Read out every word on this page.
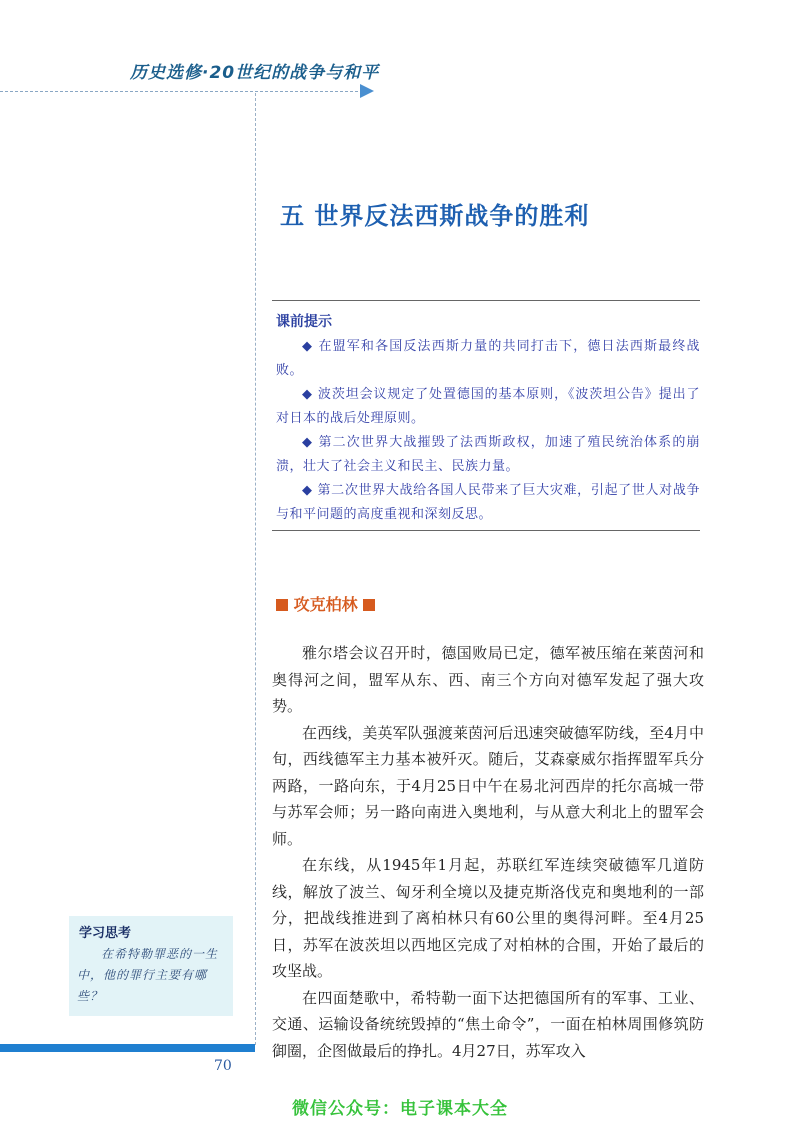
历史选修·20世纪的战争与和平
五 世界反法西斯战争的胜利
课前提示
◆ 在盟军和各国反法西斯力量的共同打击下，德日法西斯最终战败。
◆ 波茨坦会议规定了处置德国的基本原则，《波茨坦公告》提出了对日本的战后处理原则。
◆ 第二次世界大战摧毁了法西斯政权，加速了殖民统治体系的崩溃，壮大了社会主义和民主、民族力量。
◆ 第二次世界大战给各国人民带来了巨大灾难，引起了世人对战争与和平问题的高度重视和深刻反思。
攻克柏林

雅尔塔会议召开时，德国败局已定，德军被压缩在莱茵河和奥得河之间，盟军从东、西、南三个方向对德军发起了强大攻势。

在西线，美英军队强渡莱茵河后迅速突破德军防线，至4月中旬，西线德军主力基本被歼灭。随后，艾森豪威尔指挥盟军兵分两路，一路向东，于4月25日中午在易北河西岸的托尔高城一带与苏军会师；另一路向南进入奥地利，与从意大利北上的盟军会师。

在东线，从1945年1月起，苏联红军连续突破德军几道防线，解放了波兰、匈牙利全境以及捷克斯洛伐克和奥地利的一部分，把战线推进到了离柏林只有60公里的奥得河畔。至4月25日，苏军在波茨坦以西地区完成了对柏林的合围，开始了最后的攻坚战。

在四面楚歌中，希特勒一面下达把德国所有的军事、工业、交通、运输设备统统毁掉的“焦土命令”，一面在柏林周围修筑防御圈，企图做最后的挣扎。4月27日，苏军攻入

学习思考
在希特勒罪恶的一生中，他的罪行主要有哪些？
70
微信公众号：电子课本大全
